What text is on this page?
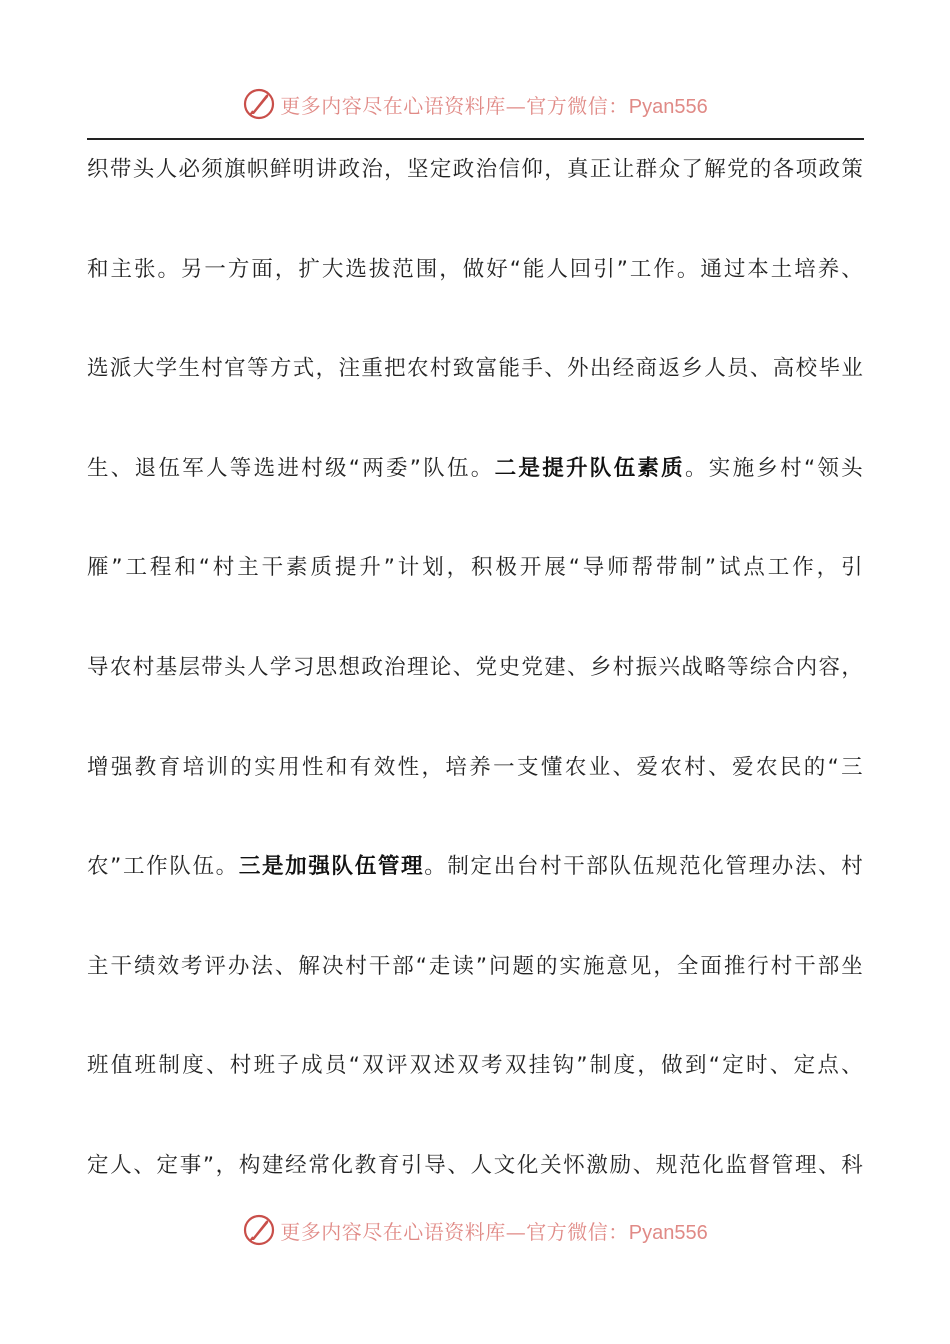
更多内容尽在心语资料库—官方微信：Pyan556
织 带 头 人 必 须 旗 帜 鲜 明 讲 政 治 ， 坚 定 政 治 信 仰 ， 真 正 让 群 众 了 解 党 的 各 项 政 策
和 主 张 。 另 一 方 面 ， 扩 大 选 拔 范 围 ， 做 好 “ 能 人 回 引 ” 工 作 。 通 过 本 土 培 养 、
选 派 大 学 生 村 官 等 方 式 ， 注 重 把 农 村 致 富 能 手 、 外 出 经 商 返 乡 人 员 、 高 校 毕 业
生 、 退 伍 军 人 等 选 进 村 级 “ 两 委 ” 队 伍 。 二 是 提 升 队 伍 素 质 。 实 施 乡 村 “ 领 头
雁 ” 工 程 和 “ 村 主 干 素 质 提 升 ” 计 划 ， 积 极 开 展 “ 导 师 帮 带 制 ” 试 点 工 作 ， 引
导 农 村 基 层 带 头 人 学 习 思 想 政 治 理 论 、 党 史 党 建 、 乡 村 振 兴 战 略 等 综 合 内 容 ，
增 强 教 育 培 训 的 实 用 性 和 有 效 性 ， 培 养 一 支 懂 农 业 、 爱 农 村 、 爱 农 民 的 “ 三
农 ” 工 作 队 伍 。 三 是 加 强 队 伍 管 理 。 制 定 出 台 村 干 部 队 伍 规 范 化 管 理 办 法 、 村
主 干 绩 效 考 评 办 法 、 解 决 村 干 部 “ 走 读 ” 问 题 的 实 施 意 见 ， 全 面 推 行 村 干 部 坐
班 值 班 制 度 、 村 班 子 成 员 “ 双 评 双 述 双 考 双 挂 钩 ” 制 度 ， 做 到 “ 定 时 、 定 点 、
定 人 、 定 事 ” ， 构 建 经 常 化 教 育 引 导 、 人 文 化 关 怀 激 励 、 规 范 化 监 督 管 理 、 科
更多内容尽在心语资料库—官方微信：Pyan556
